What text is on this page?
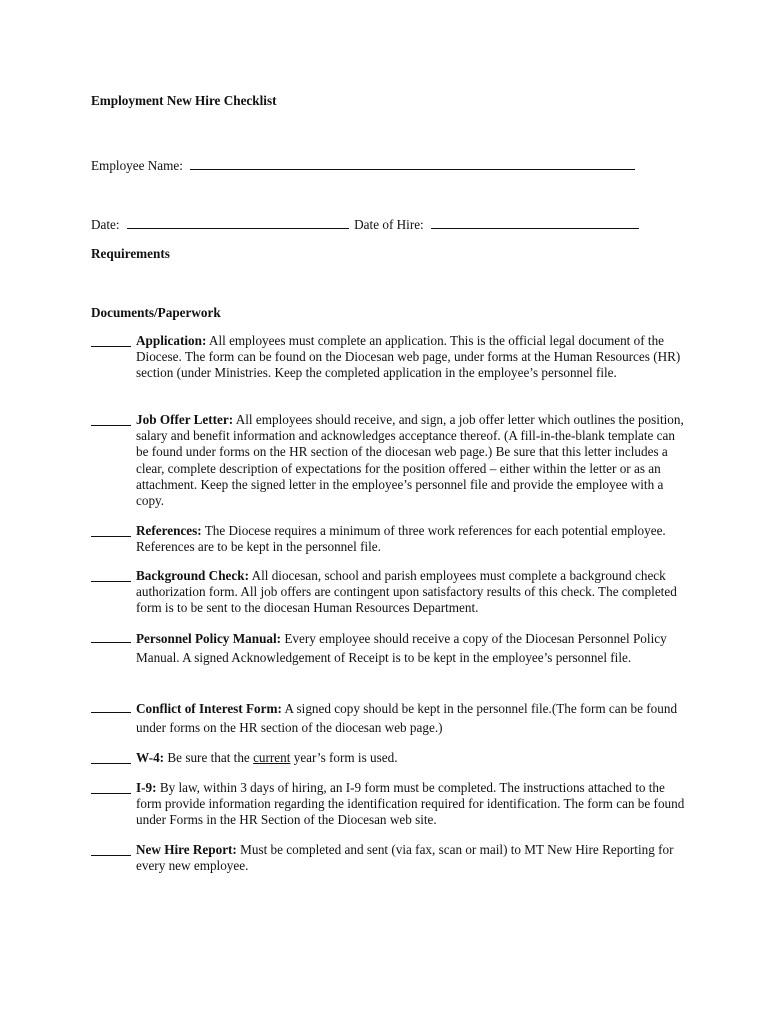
Employment New Hire Checklist
Employee Name:
Date:	Date of Hire:
Requirements
Documents/Paperwork
Application: All employees must complete an application. This is the official legal document of the Diocese. The form can be found on the Diocesan web page, under forms at the Human Resources (HR) section (under Ministries. Keep the completed application in the employee’s personnel file.
Job Offer Letter: All employees should receive, and sign, a job offer letter which outlines the position, salary and benefit information and acknowledges acceptance thereof. (A fill-in-the-blank template can be found under forms on the HR section of the diocesan web page.) Be sure that this letter includes a clear, complete description of expectations for the position offered – either within the letter or as an attachment. Keep the signed letter in the employee’s personnel file and provide the employee with a copy.
References: The Diocese requires a minimum of three work references for each potential employee. References are to be kept in the personnel file.
Background Check: All diocesan, school and parish employees must complete a background check authorization form. All job offers are contingent upon satisfactory results of this check. The completed form is to be sent to the diocesan Human Resources Department.
Personnel Policy Manual: Every employee should receive a copy of the Diocesan Personnel Policy Manual. A signed Acknowledgement of Receipt is to be kept in the employee’s personnel file.
Conflict of Interest Form: A signed copy should be kept in the personnel file.(The form can be found under forms on the HR section of the diocesan web page.)
W-4: Be sure that the current year’s form is used.
I-9: By law, within 3 days of hiring, an I-9 form must be completed. The instructions attached to the form provide information regarding the identification required for identification. The form can be found under Forms in the HR Section of the Diocesan web site.
New Hire Report: Must be completed and sent (via fax, scan or mail) to MT New Hire Reporting for every new employee.
